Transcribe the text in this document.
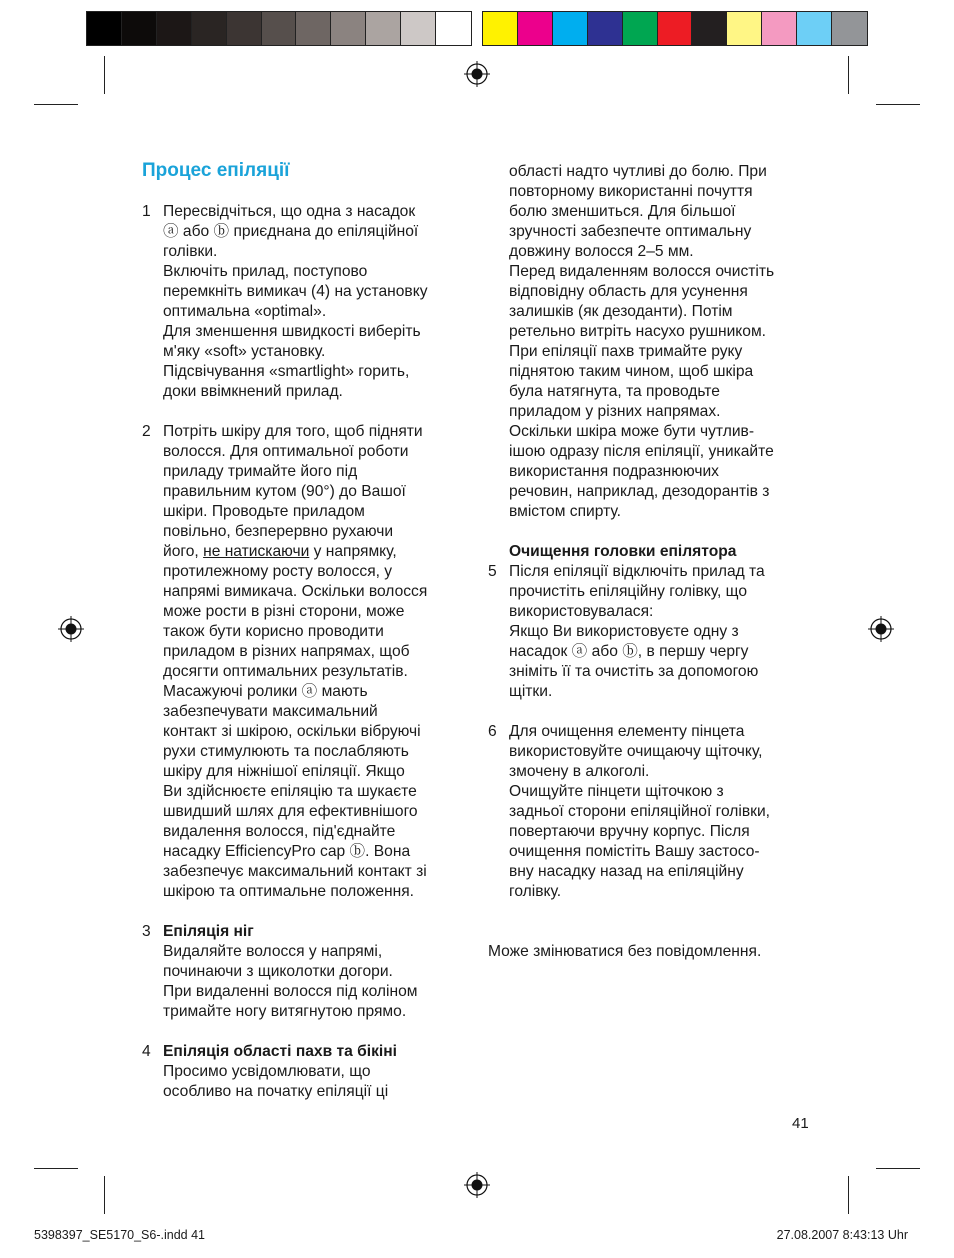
Процес епіляції
1 Пересвідчіться, що одна з насадок

ⓐ або ⓑ приєднана до епіляційної

голівки.

Включіть прилад, поступово

перемкніть вимикач (4) на установку

оптимальна «optimal».

Для зменшення швидкості виберіть

м'яку «soft» установку.

Підсвічування «smartlight» горить,

доки ввімкнений прилад.

2 Потріть шкіру для того, щоб підняти

волосся. Для оптимальної роботи

приладу тримайте його під

правильним кутом (90°) до Вашої

шкіри. Проводьте приладом

повільно, безперервно рухаючи

його, не натискаючи у напрямку,

протилежному росту волосся, у

напрямі вимикача. Оскільки волосся

може рости в різні сторони, може

також бути корисно проводити

приладом в різних напрямах, щоб

досягти оптимальних результатів.

Масажуючі ролики ⓐ мають

забезпечувати максимальний

контакт зі шкірою, оскільки вібруючі

рухи стимулюють та послабляють

шкіру для ніжнішої епіляції. Якщо

Ви здійснюєте епіляцію та шукаєте

швидший шлях для ефективнішого

видалення волосся, під'єднайте

насадку EfficiencyPro cap ⓑ. Вона

забезпечує максимальний контакт зі

шкірою та оптимальне положення.

3 Епіляція ніг

Видаляйте волосся у напрямі,

починаючи з щиколотки догори.

При видаленні волосся під коліном

тримайте ногу витягнутою прямо.

4 Епіляція області пахв та бікіні

Просимо усвідомлювати, що

особливо на початку епіляції ці

області надто чутливі до болю. При

повторному використанні почуття

болю зменшиться. Для більшої

зручності забезпечте оптимальну

довжину волосся 2–5 мм.

Перед видаленням волосся очистіть

відповідну область для усунення

залишків (як дезоданти). Потім

ретельно витріть насухо рушником.

При епіляції пахв тримайте руку

піднятою таким чином, щоб шкіра

була натягнута, та проводьте

приладом у різних напрямах.

Оскільки шкіра може бути чутлив-

ішою одразу після епіляції, уникайте

використання подразнюючих

речовин, наприклад, дезодорантів з

вмістом спирту.

Очищення головки епілятора

5 Після епіляції відключіть прилад та

прочистіть епіляційну голівку, що

використовувалася:

Якщо Ви використовуєте одну з

насадок ⓐ або ⓑ, в першу чергу

зніміть її та очистіть за допомогою

щітки.

6 Для очищення елементу пінцета

використовуйте очищаючу щіточку,

змочену в алкоголі.

Очищуйте пінцети щіточкою з

задньої сторони епіляційної голівки,

повертаючи вручну корпус. Після

очищення помістіть Вашу застосо-

вну насадку назад на епіляційну

голівку.

Може змінюватися без повідомлення.

41
5398397_SE5170_S6-.indd 41	27.08.2007 8:43:13 Uhr
